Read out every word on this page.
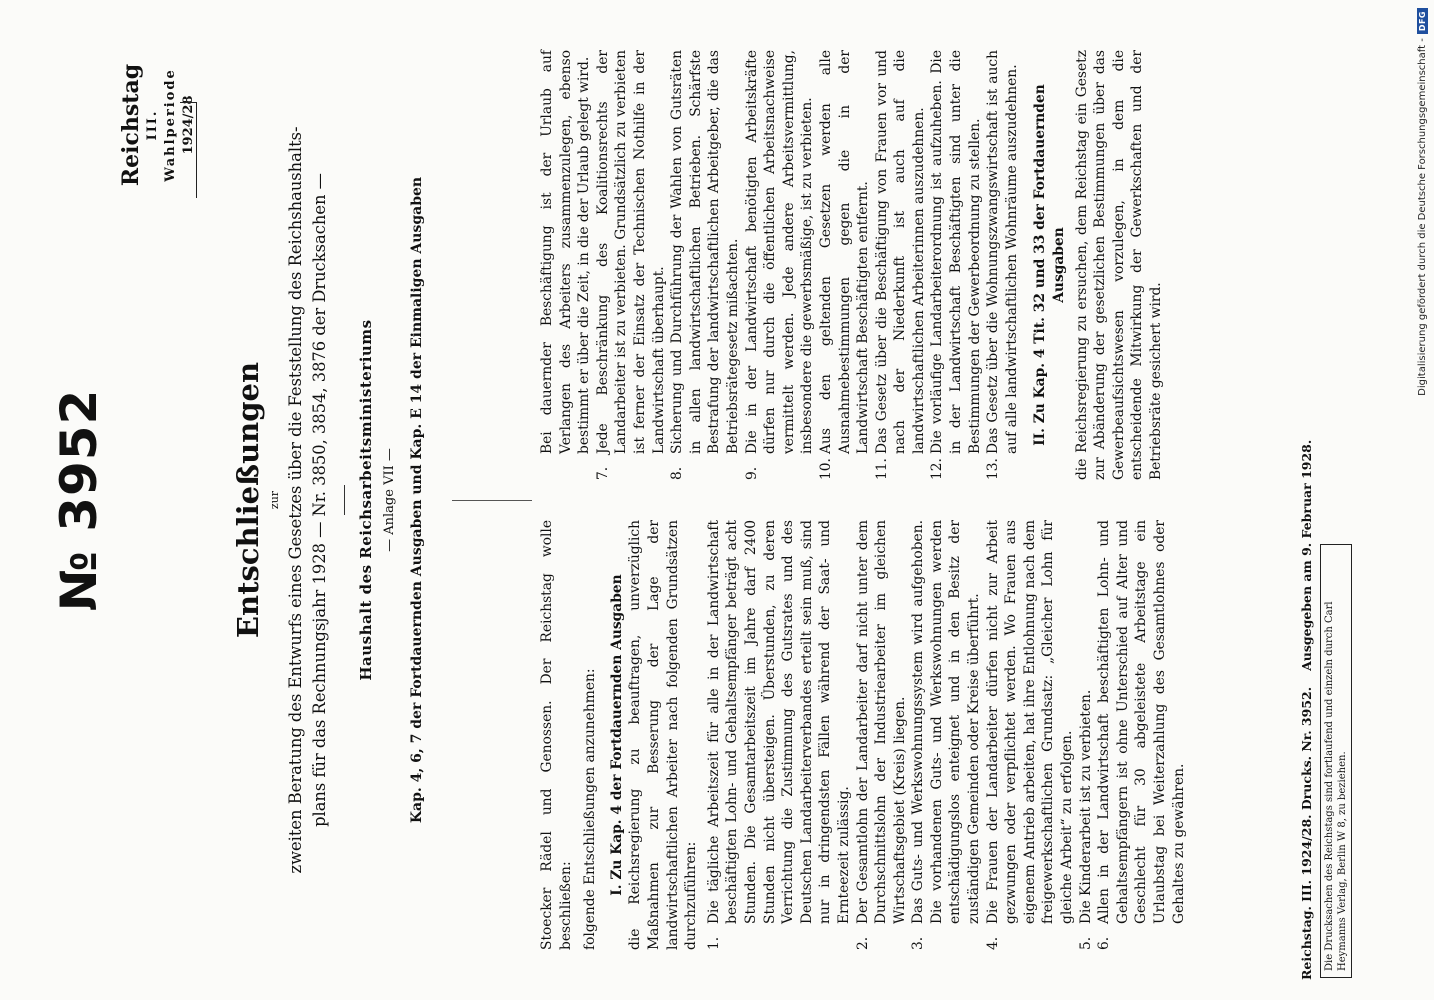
№ 3952
Reichstag III. Wahlperiode 1924/28
Entschließungen zur zweiten Beratung des Entwurfs eines Gesetzes über die Feststellung des Reichshaushalts- plans für das Rechnungsjahr 1928 — Nr. 3850, 3854, 3876 der Drucksachen — Haushalt des Reichsarbeitsministeriums — Anlage VII — Kap. 4, 6, 7 der Fortdauernden Ausgaben und Kap. E 14 der Einmaligen Ausgaben	Stoecker Rädel und Genossen. Der Reichstag wolle beschließen: folgende Entschließungen anzunehmen: I. Zu Kap. 4 der Fortdauernden Ausgaben die Reichsregierung zu beauftragen, unverzüglich Maßnahmen zur Besserung der Lage der landwirtschaftlichen Arbeiter nach folgenden Grundsätzen durchzuführen: 1.
Die tägliche Arbeitszeit für alle in der Landwirtschaft beschäftigten Lohn- und Gehaltsempfänger beträgt acht Stunden. Die Gesamtarbeitszeit im Jahre darf 2400 Stunden nicht übersteigen. Überstunden, zu deren Verrichtung die Zustimmung des Gutsrates und des Deutschen Landarbeiterverbandes erteilt sein muß, sind nur in dringendsten Fällen während der Saat- und Ernteezeit zulässig.
2.
Der Gesamtlohn der Landarbeiter darf nicht unter dem Durchschnittslohn der Industriearbeiter im gleichen Wirtschaftsgebiet (Kreis) liegen.
3.
Das Guts- und Werkswohnungssystem wird aufgehoben. Die vorhandenen Guts- und Werkswohnungen werden entschädigungslos enteignet und in den Besitz der zuständigen Gemeinden oder Kreise überführt.
4.
Die Frauen der Landarbeiter dürfen nicht zur Arbeit gezwungen oder verpflichtet werden. Wo Frauen aus eigenem Antrieb arbeiten, hat ihre Entlohnung nach dem freigewerkschaftlichen Grundsatz: „Gleicher Lohn für gleiche Arbeit“ zu erfolgen.
5.
Die Kinderarbeit ist zu verbieten.
6.
Allen in der Landwirtschaft beschäftigten Lohn- und Gehaltsempfängern ist ohne Unterschied auf Alter und Geschlecht für 30 abgeleistete Arbeitstage ein Urlaubstag bei Weiterzahlung des Gesamtlohnes oder Gehaltes zu gewähren.

Bei dauernder Beschäftigung ist der Urlaub auf Verlangen des Arbeiters zusammenzulegen, ebenso bestimmt er über die Zeit, in die der Urlaub gelegt wird.

7.
Jede Beschränkung des Koalitionsrechts der Landarbeiter ist zu verbieten. Grundsätzlich zu verbieten ist ferner der Einsatz der Technischen Nothilfe in der Landwirtschaft überhaupt.
8.
Sicherung und Durchführung der Wahlen von Gutsräten in allen landwirtschaftlichen Betrieben. Schärfste Bestrafung der landwirtschaftlichen Arbeitgeber, die das Betriebsrätegesetz mißachten.
9.
Die in der Landwirtschaft benötigten Arbeitskräfte dürfen nur durch die öffentlichen Arbeitsnachweise vermittelt werden. Jede andere Arbeitsvermittlung, insbesondere die gewerbsmäßige, ist zu verbieten.
10.
Aus den geltenden Gesetzen werden alle Ausnahmebestimmungen gegen die in der Landwirtschaft Beschäftigten entfernt.
11.
Das Gesetz über die Beschäftigung von Frauen vor und nach der Niederkunft ist auch auf die landwirtschaftlichen Arbeiterinnen auszudehnen.
12.
Die vorläufige Landarbeiterordnung ist aufzuheben. Die in der Landwirtschaft Beschäftigten sind unter die Bestimmungen der Gewerbeordnung zu stellen.
13.
Das Gesetz über die Wohnungszwangswirtschaft ist auch auf alle landwirtschaftlichen Wohnräume auszudehnen. II. Zu Kap. 4 Tit. 32 und 33 der Fortdauernden Ausgaben die Reichsregierung zu ersuchen, dem Reichstag ein Gesetz zur Abänderung der gesetzlichen Bestimmungen über das Gewerbeaufsichtswesen vorzulegen, in dem die entscheidende Mitwirkung der Gewerkschaften und der Betriebsräte gesichert wird.

Reichstag. III. 1924/28. Drucks. Nr. 3952. Ausgegeben am 9. Februar 1928.
Die Drucksachen des Reichstags sind fortlaufend und einzeln durch Carl Heymanns Verlag, Berlin W 8, zu beziehen.
Digitalisierung gefördert durch die Deutsche Forschungsgemeinschaft -
DFG
